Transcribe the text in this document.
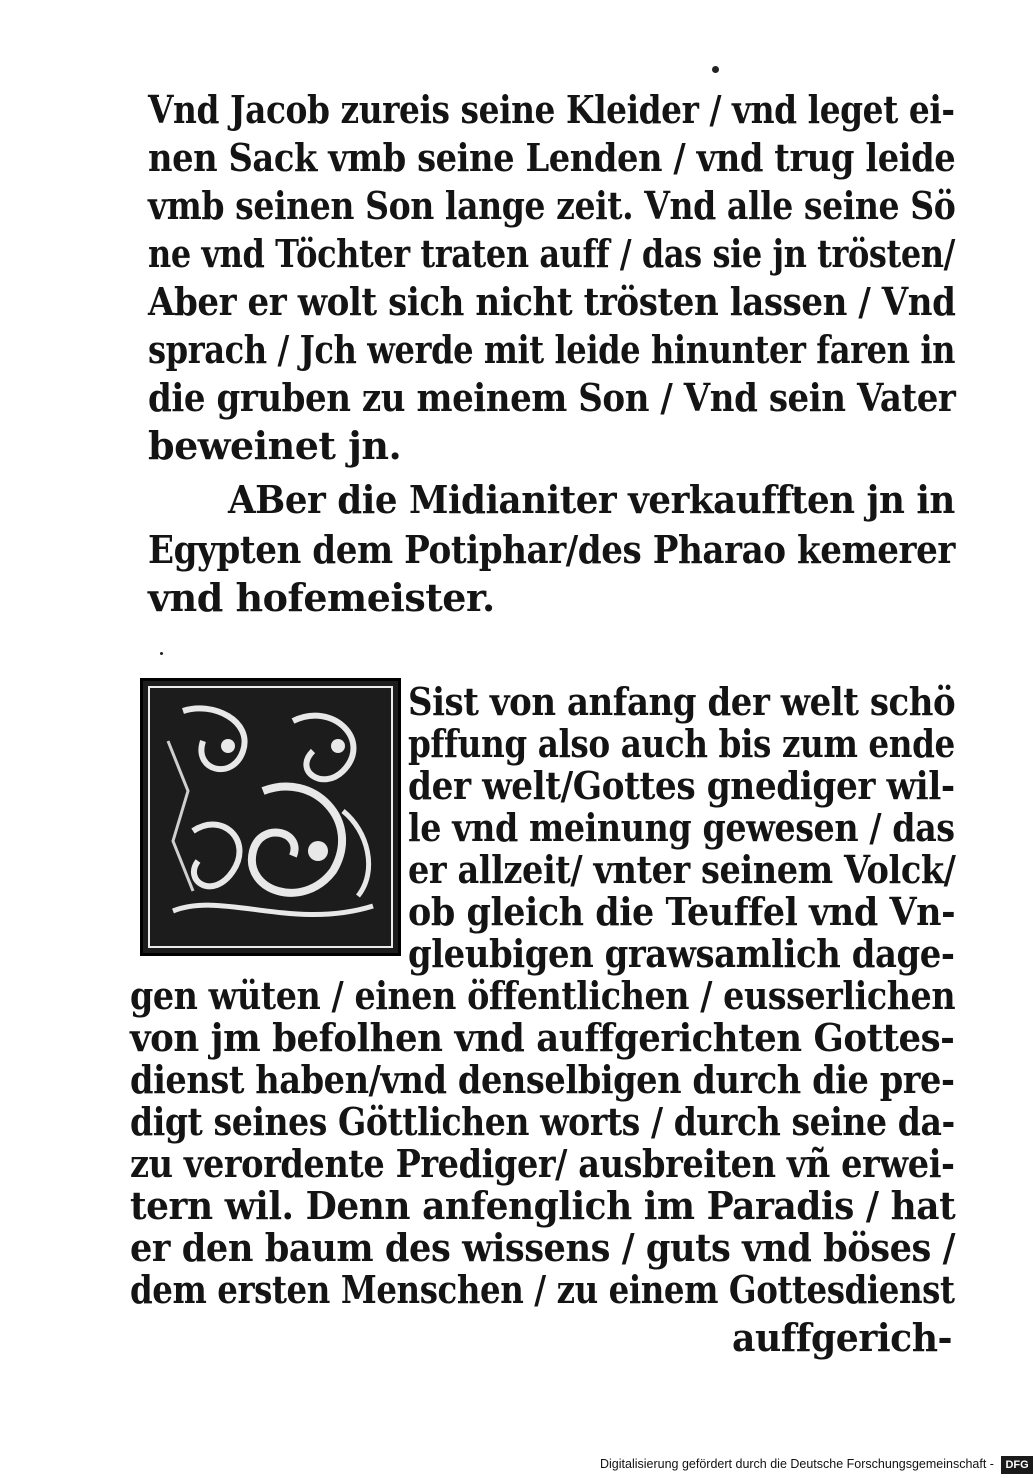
Vnd Jacob zureis seine Kleider / vnd leget ei-
nen Sack vmb seine Lenden / vnd trug leide
vmb seinen Son lange zeit. Vnd alle seine Sö
ne vnd Töchter traten auff / das sie jn trösten/
Aber er wolt sich nicht trösten lassen / Vnd
sprach / Jch werde mit leide hinunter faren in
die gruben zu meinem Son / Vnd sein Vater
beweinet jn.
ABer die Midianiter verkaufften jn in
Egypten dem Potiphar/des Pharao kemerer
vnd hofemeister.
Sist von anfang der welt schö
pffung also auch bis zum ende
der welt/Gottes gnediger wil-
le vnd meinung gewesen / das
er allzeit/ vnter seinem Volck/
ob gleich die Teuffel vnd Vn-
gleubigen grawsamlich dage-
gen wüten / einen öffentlichen / eusserlichen
von jm befolhen vnd auffgerichten Gottes-
dienst haben/vnd denselbigen durch die pre-
digt seines Göttlichen worts / durch seine da-
zu verordente Prediger/ ausbreiten vñ erwei-
tern wil. Denn anfenglich im Paradis / hat
er den baum des wissens / guts vnd böses /
dem ersten Menschen / zu einem Gottesdienst
auffgerich-
Digitalisierung gefördert durch die Deutsche Forschungsgemeinschaft - DFG
